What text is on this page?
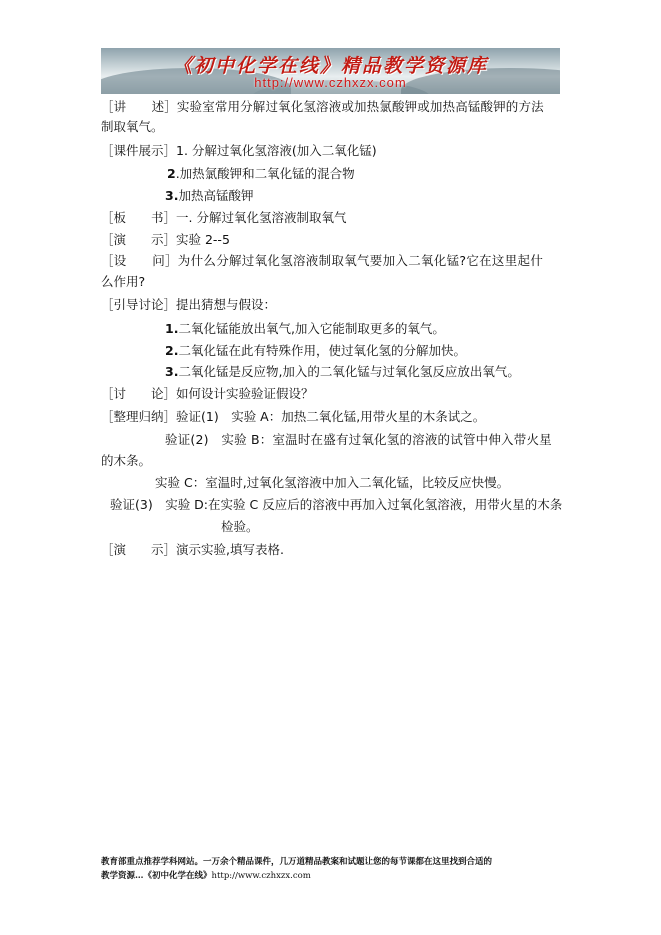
《初中化学在线》精品教学资源库
http://www.czhxzx.com
［讲　　述］实验室常用分解过氧化氢溶液或加热氯酸钾或加热高锰酸钾的方法
制取氧气。
［课件展示］1. 分解过氧化氢溶液(加入二氧化锰)
2.加热氯酸钾和二氧化锰的混合物
3.加热高锰酸钾
［板　　书］一. 分解过氧化氢溶液制取氧气
［演　　示］实验 2--5
［设　　问］为什么分解过氧化氢溶液制取氧气要加入二氧化锰?它在这里起什
么作用?
［引导讨论］提出猜想与假设：
1.二氧化锰能放出氧气,加入它能制取更多的氧气。
2.二氧化锰在此有特殊作用，使过氧化氢的分解加快。
3.二氧化锰是反应物,加入的二氧化锰与过氧化氢反应放出氧气。
［讨　　论］如何设计实验验证假设？
［整理归纳］验证(1)　实验 A：加热二氧化锰,用带火星的木条试之。
验证(2)　实验 B：室温时在盛有过氧化氢的溶液的试管中伸入带火星
的木条。
实验 C：室温时,过氧化氢溶液中加入二氧化锰，比较反应快慢。
验证(3)　实验 D:在实验 C 反应后的溶液中再加入过氧化氢溶液，用带火星的木条
检验。
［演　　示］演示实验,填写表格.
教育部重点推荐学科网站。一万余个精品课件，几万道精品教案和试题让您的每节课都在这里找到合适的
教学资源…《初中化学在线》http://www.czhxzx.com
